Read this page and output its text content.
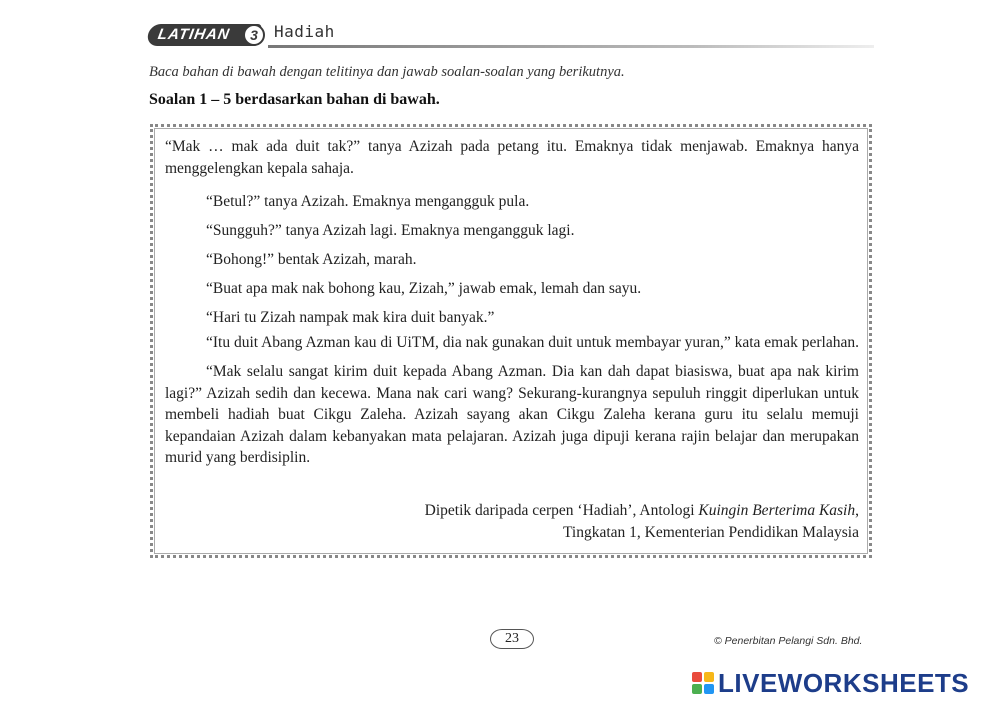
LATIHAN	3	Hadiah
Baca bahan di bawah dengan telitinya dan jawab soalan-soalan yang berikutnya.
Soalan 1 – 5 berdasarkan bahan di bawah.

“Mak … mak ada duit tak?” tanya Azizah pada petang itu. Emaknya tidak menjawab. Emaknya hanya menggelengkan kepala sahaja.

“Betul?” tanya Azizah. Emaknya mengangguk pula.

“Sungguh?” tanya Azizah lagi. Emaknya mengangguk lagi.

“Bohong!” bentak Azizah, marah.

“Buat apa mak nak bohong kau, Zizah,” jawab emak, lemah dan sayu.

“Hari tu Zizah nampak mak kira duit banyak.”

“Itu duit Abang Azman kau di UiTM, dia nak gunakan duit untuk membayar yuran,” kata emak perlahan.

“Mak selalu sangat kirim duit kepada Abang Azman. Dia kan dah dapat biasiswa, buat apa nak kirim lagi?” Azizah sedih dan kecewa. Mana nak cari wang? Sekurang-kurangnya sepuluh ringgit diperlukan untuk membeli hadiah buat Cikgu Zaleha. Azizah sayang akan Cikgu Zaleha kerana guru itu selalu memuji kepandaian Azizah dalam kebanyakan mata pelajaran. Azizah juga dipuji kerana rajin belajar dan merupakan murid yang berdisiplin.

Dipetik daripada cerpen ‘Hadiah’, Antologi Kuingin Berterima Kasih,
Tingkatan 1, Kementerian Pendidikan Malaysia
23	© Penerbitan Pelangi Sdn. Bhd.
LIVEWORKSHEETS
